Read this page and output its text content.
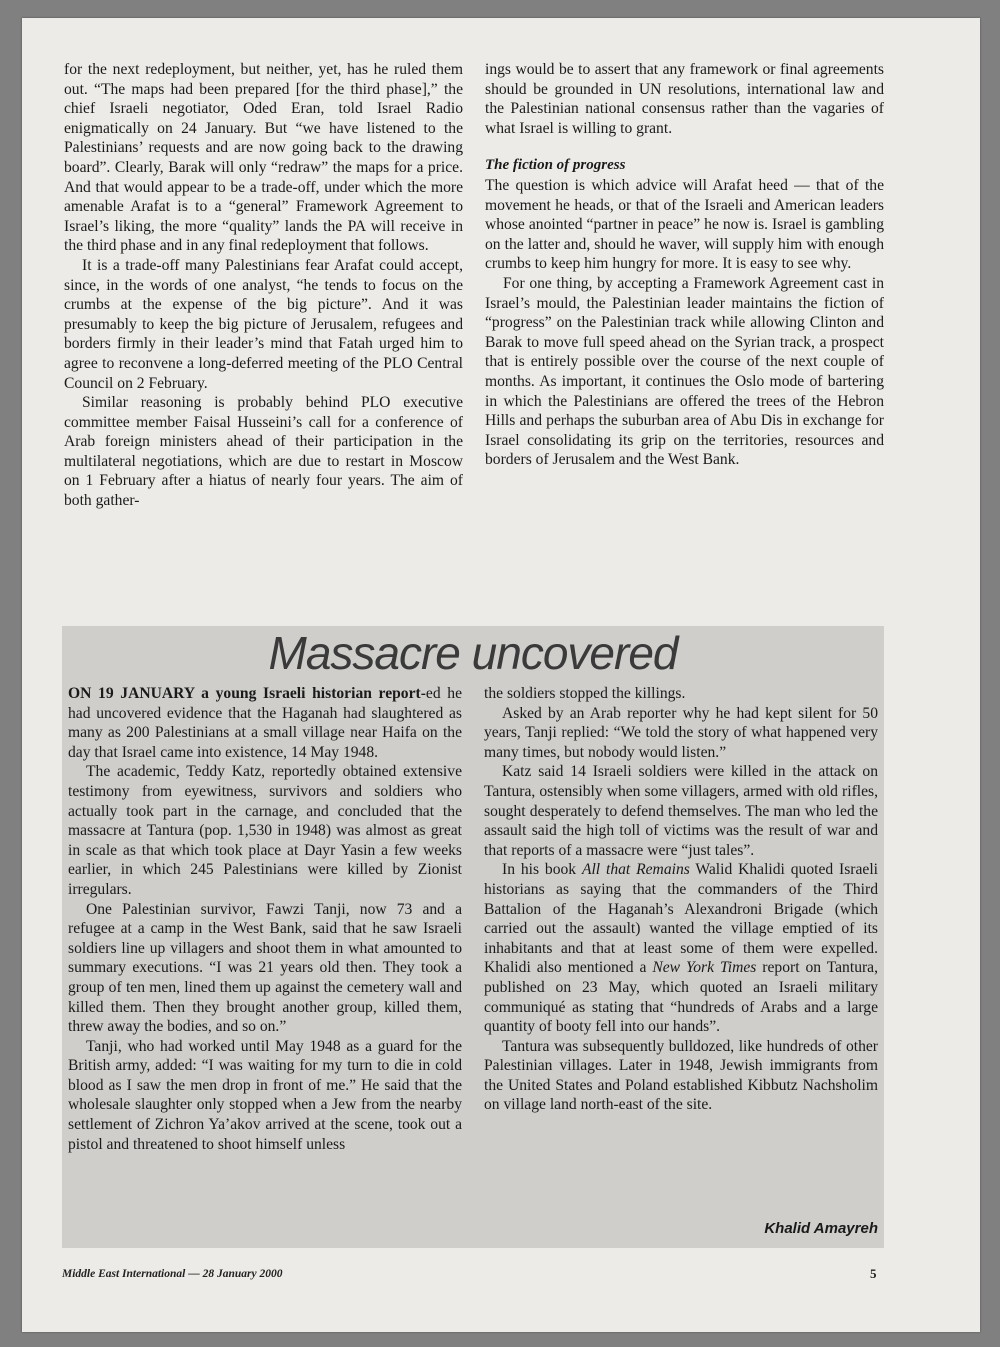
for the next redeployment, but neither, yet, has he ruled them out. “The maps had been prepared [for the third phase],” the chief Israeli negotiator, Oded Eran, told Israel Radio enigmatically on 24 January. But “we have listened to the Palestinians’ requests and are now going back to the drawing board”. Clearly, Barak will only “redraw” the maps for a price. And that would appear to be a trade-off, under which the more amenable Arafat is to a “general” Framework Agreement to Israel’s liking, the more “quality” lands the PA will receive in the third phase and in any final redeployment that follows.

It is a trade-off many Palestinians fear Arafat could accept, since, in the words of one analyst, “he tends to focus on the crumbs at the expense of the big picture”. And it was presumably to keep the big picture of Jerusalem, refugees and borders firmly in their leader’s mind that Fatah urged him to agree to reconvene a long-deferred meeting of the PLO Central Council on 2 February.

Similar reasoning is probably behind PLO executive committee member Faisal Husseini’s call for a conference of Arab foreign ministers ahead of their participation in the multilateral negotiations, which are due to restart in Moscow on 1 February after a hiatus of nearly four years. The aim of both gather-

ings would be to assert that any framework or final agreements should be grounded in UN resolutions, international law and the Palestinian national consensus rather than the vagaries of what Israel is willing to grant.

The fiction of progress

The question is which advice will Arafat heed — that of the movement he heads, or that of the Israeli and American leaders whose anointed “partner in peace” he now is. Israel is gambling on the latter and, should he waver, will supply him with enough crumbs to keep him hungry for more. It is easy to see why.

For one thing, by accepting a Framework Agreement cast in Israel’s mould, the Palestinian leader maintains the fiction of “progress” on the Palestinian track while allowing Clinton and Barak to move full speed ahead on the Syrian track, a prospect that is entirely possible over the course of the next couple of months. As important, it continues the Oslo mode of bartering in which the Palestinians are offered the trees of the Hebron Hills and perhaps the suburban area of Abu Dis in exchange for Israel consolidating its grip on the territories, resources and borders of Jerusalem and the West Bank.

Massacre uncovered

ON 19 JANUARY a young Israeli historian report-ed he had uncovered evidence that the Haganah had slaughtered as many as 200 Palestinians at a small village near Haifa on the day that Israel came into existence, 14 May 1948.

The academic, Teddy Katz, reportedly obtained extensive testimony from eyewitness, survivors and soldiers who actually took part in the carnage, and concluded that the massacre at Tantura (pop. 1,530 in 1948) was almost as great in scale as that which took place at Dayr Yasin a few weeks earlier, in which 245 Palestinians were killed by Zionist irregulars.

One Palestinian survivor, Fawzi Tanji, now 73 and a refugee at a camp in the West Bank, said that he saw Israeli soldiers line up villagers and shoot them in what amounted to summary executions. “I was 21 years old then. They took a group of ten men, lined them up against the cemetery wall and killed them. Then they brought another group, killed them, threw away the bodies, and so on.”

Tanji, who had worked until May 1948 as a guard for the British army, added: “I was waiting for my turn to die in cold blood as I saw the men drop in front of me.” He said that the wholesale slaughter only stopped when a Jew from the nearby settlement of Zichron Ya’akov arrived at the scene, took out a pistol and threatened to shoot himself unless

the soldiers stopped the killings.

Asked by an Arab reporter why he had kept silent for 50 years, Tanji replied: “We told the story of what happened very many times, but nobody would listen.”

Katz said 14 Israeli soldiers were killed in the attack on Tantura, ostensibly when some villagers, armed with old rifles, sought desperately to defend themselves. The man who led the assault said the high toll of victims was the result of war and that reports of a massacre were “just tales”.

In his book All that Remains Walid Khalidi quoted Israeli historians as saying that the commanders of the Third Battalion of the Haganah’s Alexandroni Brigade (which carried out the assault) wanted the village emptied of its inhabitants and that at least some of them were expelled. Khalidi also mentioned a New York Times report on Tantura, published on 23 May, which quoted an Israeli military communiqué as stating that “hundreds of Arabs and a large quantity of booty fell into our hands”.

Tantura was subsequently bulldozed, like hundreds of other Palestinian villages. Later in 1948, Jewish immigrants from the United States and Poland established Kibbutz Nachsholim on village land north-east of the site.

Khalid Amayreh
Middle East International — 28 January 2000	5
